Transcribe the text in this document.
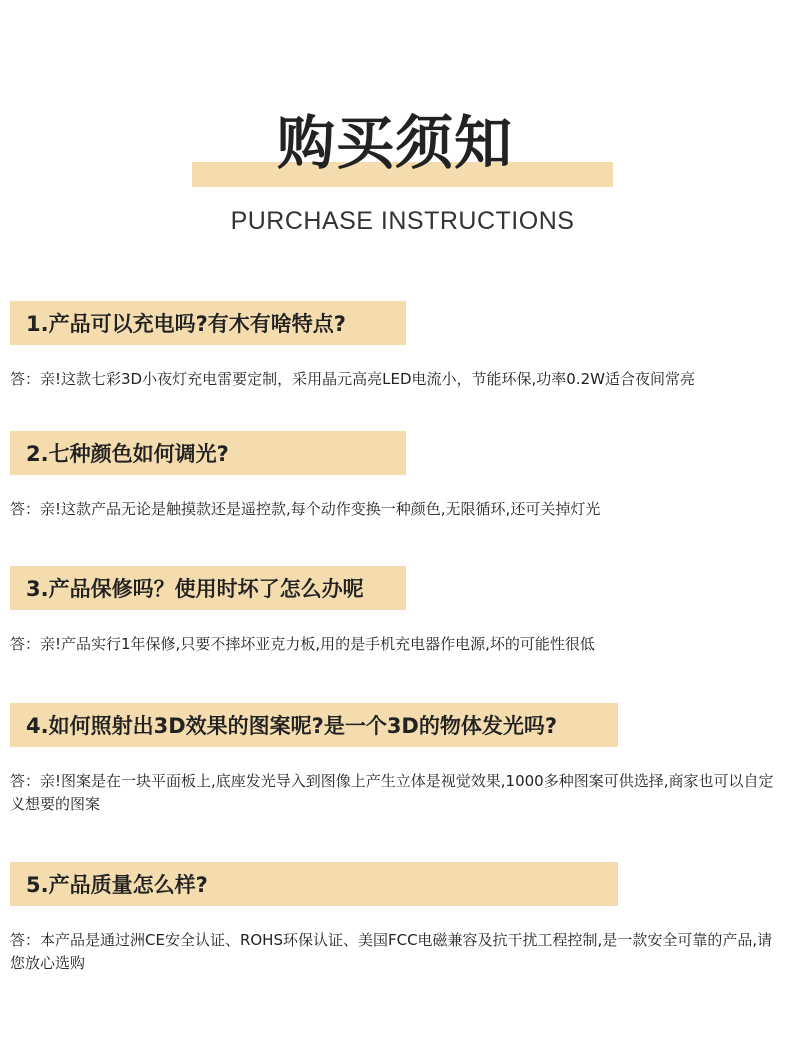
购买须知
PURCHASE INSTRUCTIONS
1.产品可以充电吗?有木有啥特点?
答：亲!这款七彩3D小夜灯充电雷要定制，采用晶元高亮LED电流小，节能环保,功率0.2W适合夜间常亮
2.七种颜色如何调光?
答：亲!这款产品无论是触摸款还是遥控款,每个动作变换一种颜色,无限循环,还可关掉灯光
3.产品保修吗？使用时坏了怎么办呢
答：亲!产品实行1年保修,只要不摔坏亚克力板,用的是手机充电器作电源,坏的可能性很低
4.如何照射出3D效果的图案呢?是一个3D的物体发光吗?
答：亲!图案是在一块平面板上,底座发光导入到图像上产生立体是视觉效果,1000多种图案可供选择,商家也可以自定义想要的图案
5.产品质量怎么样?
答：本产品是通过洲CE安全认证、ROHS环保认证、美国FCC电磁兼容及抗干扰工程控制,是一款安全可靠的产品,请您放心选购
